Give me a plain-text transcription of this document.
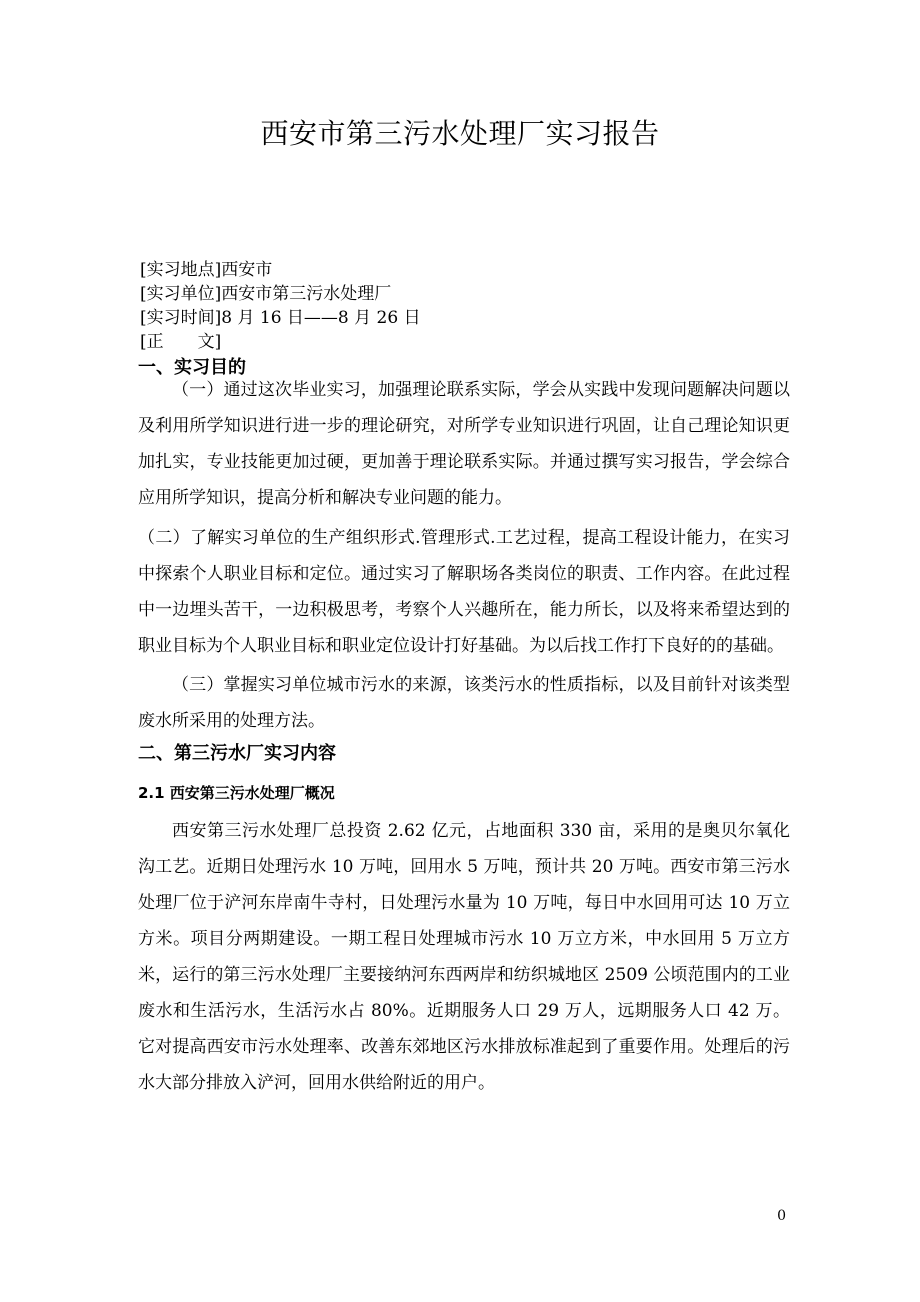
西安市第三污水处理厂实习报告
[实习地点]西安市
[实习单位]西安市第三污水处理厂
[实习时间]8 月 16 日——8 月 26 日
[正　　文]
一、实习目的

（一）通过这次毕业实习，加强理论联系实际，学会从实践中发现问题解决问题以及利用所学知识进行进一步的理论研究，对所学专业知识进行巩固，让自己理论知识更加扎实，专业技能更加过硬，更加善于理论联系实际。并通过撰写实习报告，学会综合应用所学知识，提高分析和解决专业问题的能力。

（二）了解实习单位的生产组织形式.管理形式.工艺过程，提高工程设计能力，在实习中探索个人职业目标和定位。通过实习了解职场各类岗位的职责、工作内容。在此过程中一边埋头苦干，一边积极思考，考察个人兴趣所在，能力所长，以及将来希望达到的职业目标为个人职业目标和职业定位设计打好基础。为以后找工作打下良好的的基础。

（三）掌握实习单位城市污水的来源，该类污水的性质指标，以及目前针对该类型废水所采用的处理方法。

二、第三污水厂实习内容
2.1 西安第三污水处理厂概况

西安第三污水处理厂总投资 2.62 亿元，占地面积 330 亩，采用的是奥贝尔氧化沟工艺。近期日处理污水 10 万吨，回用水 5 万吨，预计共 20 万吨。西安市第三污水处理厂位于浐河东岸南牛寺村，日处理污水量为 10 万吨，每日中水回用可达 10 万立方米。项目分两期建设。一期工程日处理城市污水 10 万立方米，中水回用 5 万立方米，运行的第三污水处理厂主要接纳河东西两岸和纺织城地区 2509 公顷范围内的工业废水和生活污水，生活污水占 80%。近期服务人口 29 万人，远期服务人口 42 万。它对提高西安市污水处理率、改善东郊地区污水排放标准起到了重要作用。处理后的污水大部分排放入浐河，回用水供给附近的用户。

0
